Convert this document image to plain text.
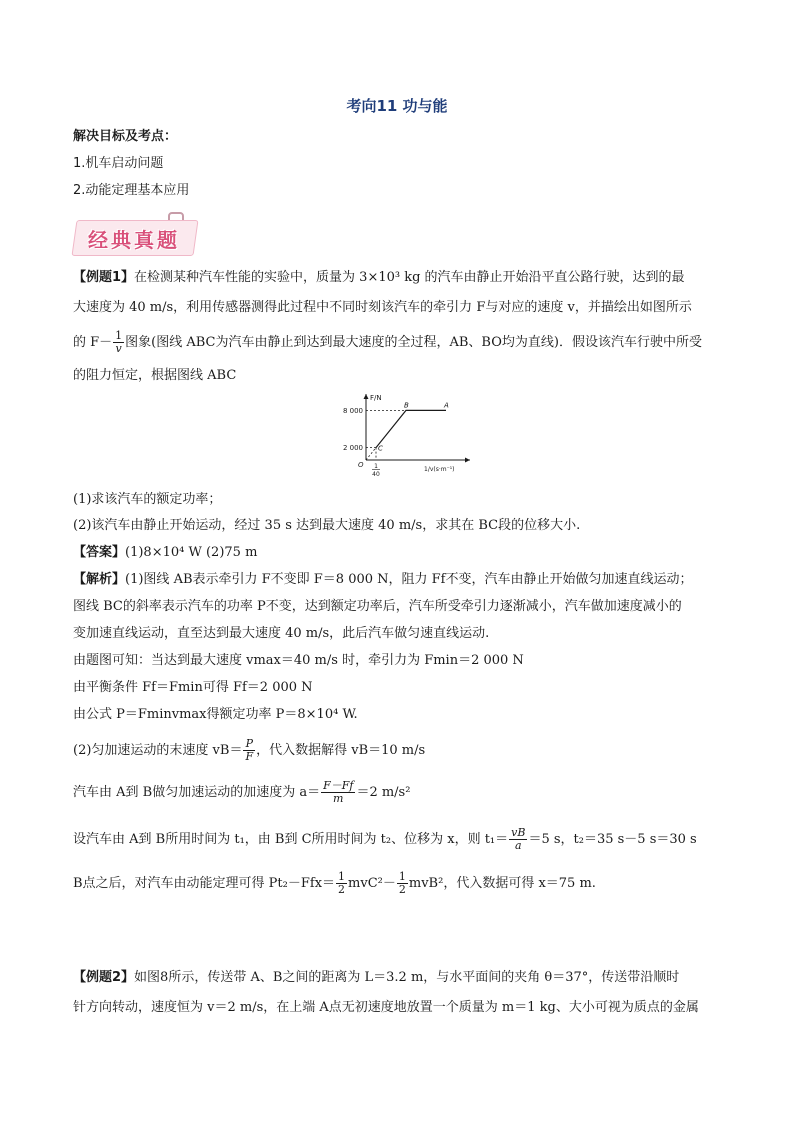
考向11 功与能
解决目标及考点：
1.机车启动问题
2.动能定理基本应用
经典真题
【例题1】在检测某种汽车性能的实验中，质量为 3×10³ kg 的汽车由静止开始沿平直公路行驶，达到的最
大速度为 40 m/s，利用传感器测得此过程中不同时刻该汽车的牵引力 F与对应的速度 v，并描绘出如图所示
的 $F- \frac{1}{v}$ 图象(图线 ABC为汽车由静止到达到最大速度的全过程，AB、BO均为直线)．假设该汽车行驶中所受
的阻力恒定，根据图线 ABC
F/N
1/v(s·m⁻¹)
O
8 000
2 000
1
40
B	A
C
(1)求该汽车的额定功率；
(2)该汽车由静止开始运动，经过 35 s 达到最大速度 40 m/s，求其在 BC段的位移大小.
【答案】(1)8×10⁴ W (2)75 m
【解析】(1)图线 AB表示牵引力 F不变即 F＝8 000 N，阻力 Ff不变，汽车由静止开始做匀加速直线运动；
图线 BC的斜率表示汽车的功率 P不变，达到额定功率后，汽车所受牵引力逐渐减小，汽车做加速度减小的
变加速直线运动，直至达到最大速度 40 m/s，此后汽车做匀速直线运动.
由题图可知：当达到最大速度 vmax＝40 m/s 时，牵引力为 Fmin＝2 000 N
由平衡条件 Ff＝Fmin可得 Ff＝2 000 N
由公式 P＝Fminvmax得额定功率 P＝8×10⁴ W.
(2)匀加速运动的末速度 $vB= \frac{P}{F}$ ，代入数据解得 vB＝10 m/s
汽车由 A到 B做匀加速运动的加速度为 $a= \frac{F-Ff}{m} =2$ m/s²
设汽车由 A到 B所用时间为 t₁，由 B到 C所用时间为 t₂、位移为 x，则 $t_1= \frac{vB}{a} =5$ s，t₂＝35 s－5 s＝30 s
B点之后，对汽车由动能定理可得 $Pt_2-Ffx= \frac{1}{2} mvC^2- \frac{1}{2} mvB^2$，代入数据可得 x＝75 m.
【例题2】如图8所示，传送带 A、B之间的距离为 L＝3.2 m，与水平面间的夹角 θ＝37°，传送带沿顺时
针方向转动，速度恒为 v＝2 m/s，在上端 A点无初速度地放置一个质量为 m＝1 kg、大小可视为质点的金属
